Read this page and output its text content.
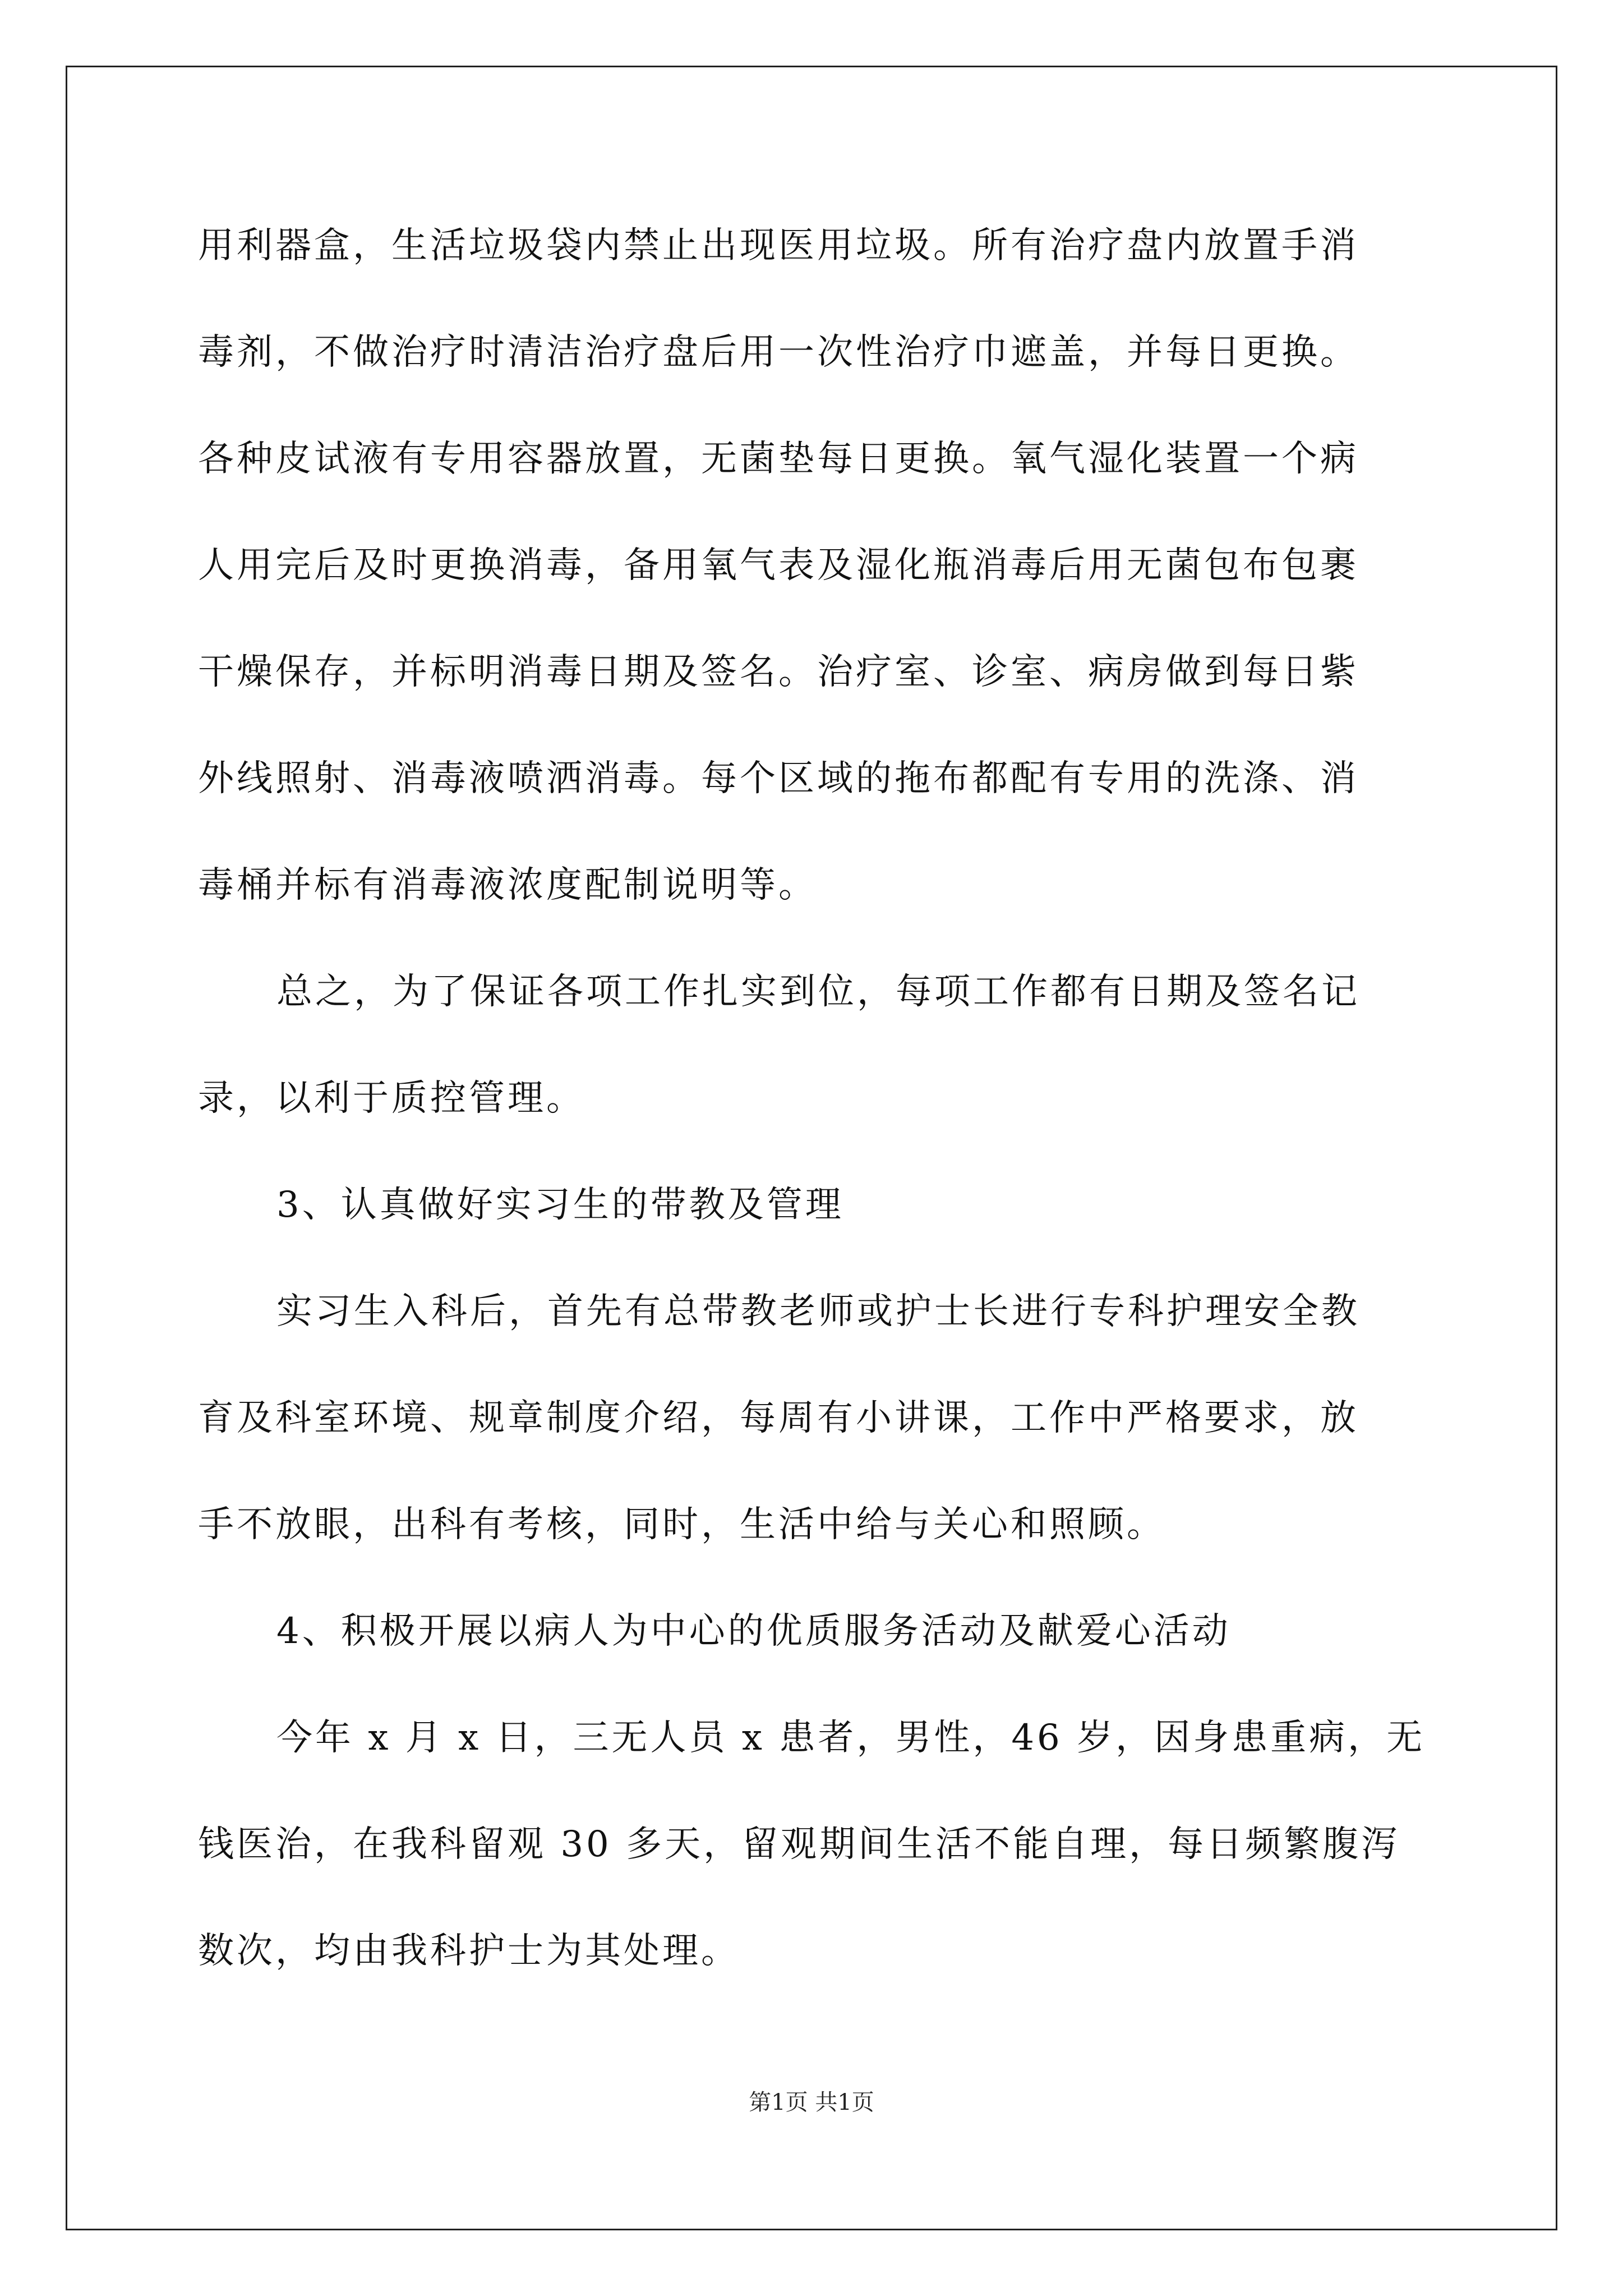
用利器盒，生活垃圾袋内禁止出现医用垃圾。所有治疗盘内放置手消
毒剂，不做治疗时清洁治疗盘后用一次性治疗巾遮盖，并每日更换。
各种皮试液有专用容器放置，无菌垫每日更换。氧气湿化装置一个病
人用完后及时更换消毒，备用氧气表及湿化瓶消毒后用无菌包布包裹
干燥保存，并标明消毒日期及签名。治疗室、诊室、病房做到每日紫
外线照射、消毒液喷洒消毒。每个区域的拖布都配有专用的洗涤、消
毒桶并标有消毒液浓度配制说明等。
总之，为了保证各项工作扎实到位，每项工作都有日期及签名记
录，以利于质控管理。
3、认真做好实习生的带教及管理
实习生入科后，首先有总带教老师或护士长进行专科护理安全教
育及科室环境、规章制度介绍，每周有小讲课，工作中严格要求，放
手不放眼，出科有考核，同时，生活中给与关心和照顾。
4、积极开展以病人为中心的优质服务活动及献爱心活动
今年 x 月 x 日，三无人员 x 患者，男性，46 岁，因身患重病，无
钱医治，在我科留观 30 多天，留观期间生活不能自理，每日频繁腹泻
数次，均由我科护士为其处理。
第1页 共1页
